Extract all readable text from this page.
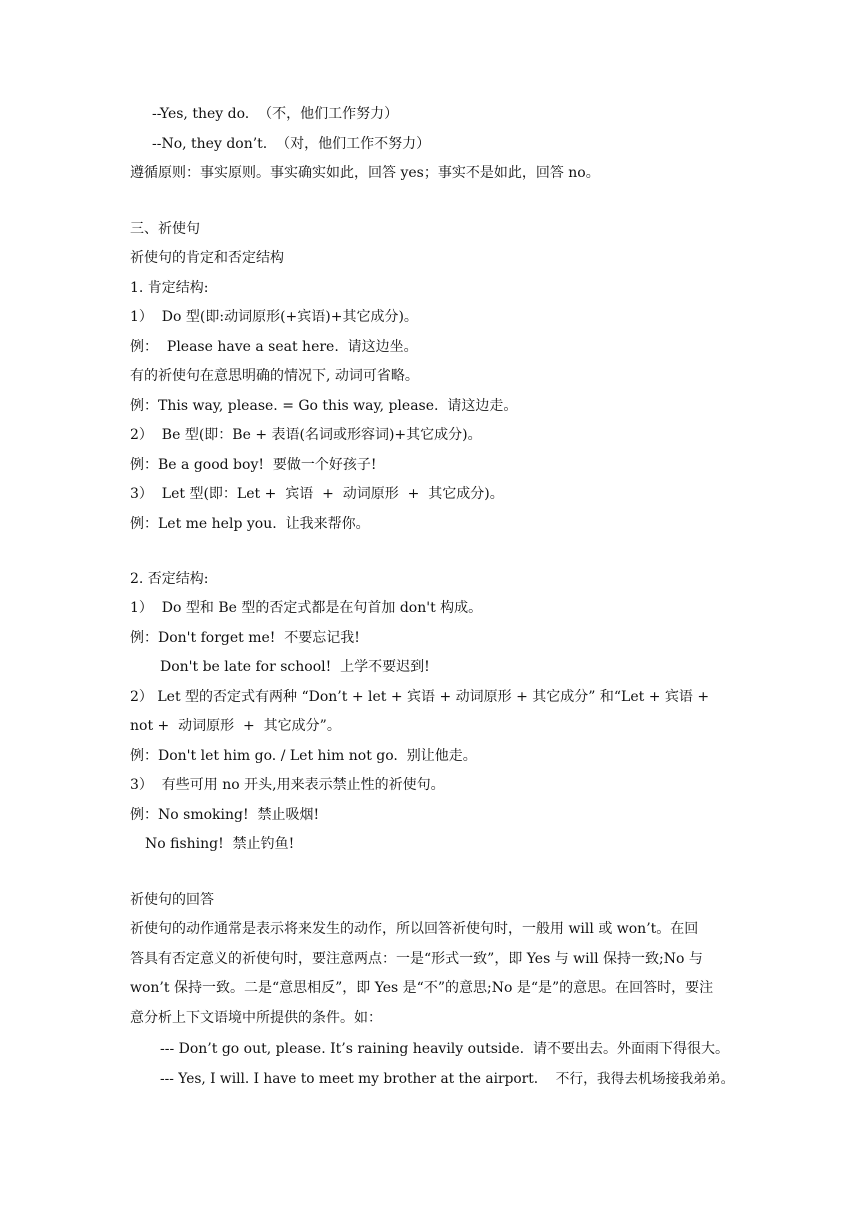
--Yes, they do.  （不，他们工作努力）
--No, they don’t.  （对，他们工作不努力）
遵循原则：事实原则。事实确实如此，回答 yes；事实不是如此，回答 no。
三、祈使句
祈使句的肯定和否定结构
1. 肯定结构:
1）  Do 型(即:动词原形(+宾语)+其它成分)。
例：  Please have a seat here.  请这边坐。
有的祈使句在意思明确的情况下, 动词可省略。
例：This way, please. = Go this way, please.  请这边走。
2）  Be 型(即：Be + 表语(名词或形容词)+其它成分)。
例：Be a good boy!  要做一个好孩子!
3）  Let 型(即：Let +  宾语  +  动词原形  +  其它成分)。
例：Let me help you.  让我来帮你。
2. 否定结构:
1）  Do 型和 Be 型的否定式都是在句首加 don't 构成。
例：Don't forget me!  不要忘记我!
Don't be late for school!  上学不要迟到!
2） Let 型的否定式有两种 “Don’t + let + 宾语 + 动词原形 + 其它成分” 和“Let + 宾语 +
not +  动词原形  +  其它成分”。
例：Don't let him go. / Let him not go.  别让他走。
3）  有些可用 no 开头,用来表示禁止性的祈使句。
例：No smoking!  禁止吸烟!
No fishing!  禁止钓鱼!
祈使句的回答
祈使句的动作通常是表示将来发生的动作，所以回答祈使句时，一般用 will 或 won’t。在回
答具有否定意义的祈使句时，要注意两点：一是“形式一致”，即 Yes 与 will 保持一致;No 与
won’t 保持一致。二是“意思相反”，即 Yes 是“不”的意思;No 是“是”的意思。在回答时，要注
意分析上下文语境中所提供的条件。如：
--- Don’t go out, please. It’s raining heavily outside.  请不要出去。外面雨下得很大。
--- Yes, I will. I have to meet my brother at the airport.    不行，我得去机场接我弟弟。
